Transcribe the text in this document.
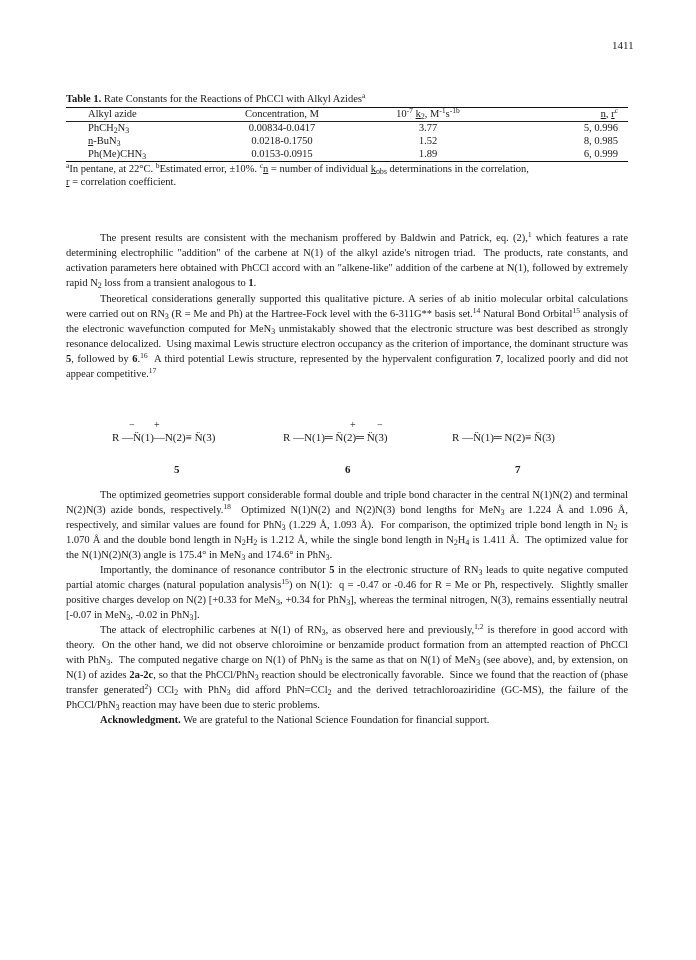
1411
Table 1. Rate Constants for the Reactions of PhCCl with Alkyl Azides$^a$
Alkyl azide	Concentration, M	$10^{-7}$ $k_2$, $M^{-1}s^{-1b}$	n, $r^c$
$PhCH_2N_3$	0.00834-0.0417	3.77	5, 0.996
n-BuN$_3$	0.0218-0.1750	1.52	8, 0.985
$Ph(Me)CHN_3$	0.0153-0.0915	1.89	6, 0.999
$^a$In pentane, at 22°C. $^b$Estimated error, ±10%. $^c$n = number of individual $k_{obs}$ determinations in the correlation,
r = correlation coefficient.

The present results are consistent with the mechanism proffered by Baldwin and Patrick, eq. (2),$^1$ which features a rate determining electrophilic "addition" of the carbene at N(1) of the alkyl azide's nitrogen triad.  The products, rate constants, and activation parameters here obtained with PhCCl accord with an "alkene-like" addition of the carbene at N(1), followed by extremely rapid $N_2$ loss from a transient analogous to 1.

Theoretical considerations generally supported this qualitative picture. A series of ab initio molecular orbital calculations were carried out on $RN_3$ (R = Me and Ph) at the Hartree-Fock level with the 6-311G** basis set.$^{14}$ Natural Bond Orbital$^{15}$ analysis of the electronic wavefunction computed for MeN$_3$ unmistakably showed that the electronic structure was best described as strongly resonance delocalized.  Using maximal Lewis structure electron occupancy as the criterion of importance, the dominant structure was 5, followed by 6.16  A third potential Lewis structure, represented by the hypervalent configuration 7, localized poorly and did not appear competitive.$^{17}$

− +
R —N̈(1)—N(2)≡ N̈(3)
5
+ −
R —N(1)═ N̈(2)═ N̈(3)
6
R —N̈(1)═ N(2)≡ N̈(3)
7

The optimized geometries support considerable formal double and triple bond character in the central N(1)N(2) and terminal N(2)N(3) azide bonds, respectively.$^{18}$  Optimized N(1)N(2) and N(2)N(3) bond lengths for MeN$_3$ are 1.224 Å and 1.096 Å, respectively, and similar values are found for PhN$_3$ (1.229 Å, 1.093 Å).  For comparison, the optimized triple bond length in $N_2$ is 1.070 Å and the double bond length in $N_2H_2$ is 1.212 Å, while the single bond length in $N_2H_4$ is 1.411 Å.  The optimized value for the N(1)N(2)N(3) angle is 175.4° in MeN$_3$ and 174.6° in PhN$_3$.

Importantly, the dominance of resonance contributor 5 in the electronic structure of $RN_3$ leads to quite negative computed partial atomic charges (natural population analysis$^{15}$) on N(1):  q = -0.47 or -0.46 for R = Me or Ph, respectively.  Slightly smaller positive charges develop on N(2) [+0.33 for MeN$_3$, +0.34 for PhN$_3$], whereas the terminal nitrogen, N(3), remains essentially neutral [-0.07 in MeN$_3$, -0.02 in PhN$_3$].

The attack of electrophilic carbenes at N(1) of $RN_3$, as observed here and previously,$^{1,2}$ is therefore in good accord with theory.  On the other hand, we did not observe chloroimine or benzamide product formation from an attempted reaction of PhCCl with PhN$_3$.  The computed negative charge on N(1) of PhN$_3$ is the same as that on N(1) of MeN$_3$ (see above), and, by extension, on N(1) of azides 2a-2c, so that the PhCCl/PhN$_3$ reaction should be electronically favorable.  Since we found that the reaction of (phase transfer generated$^2$) CCl$_2$ with PhN$_3$ did afford PhN=CCl$_2$ and the derived tetrachloroaziridine (GC-MS), the failure of the PhCCl/PhN$_3$ reaction may have been due to steric problems.

Acknowledgment. We are grateful to the National Science Foundation for financial support.
